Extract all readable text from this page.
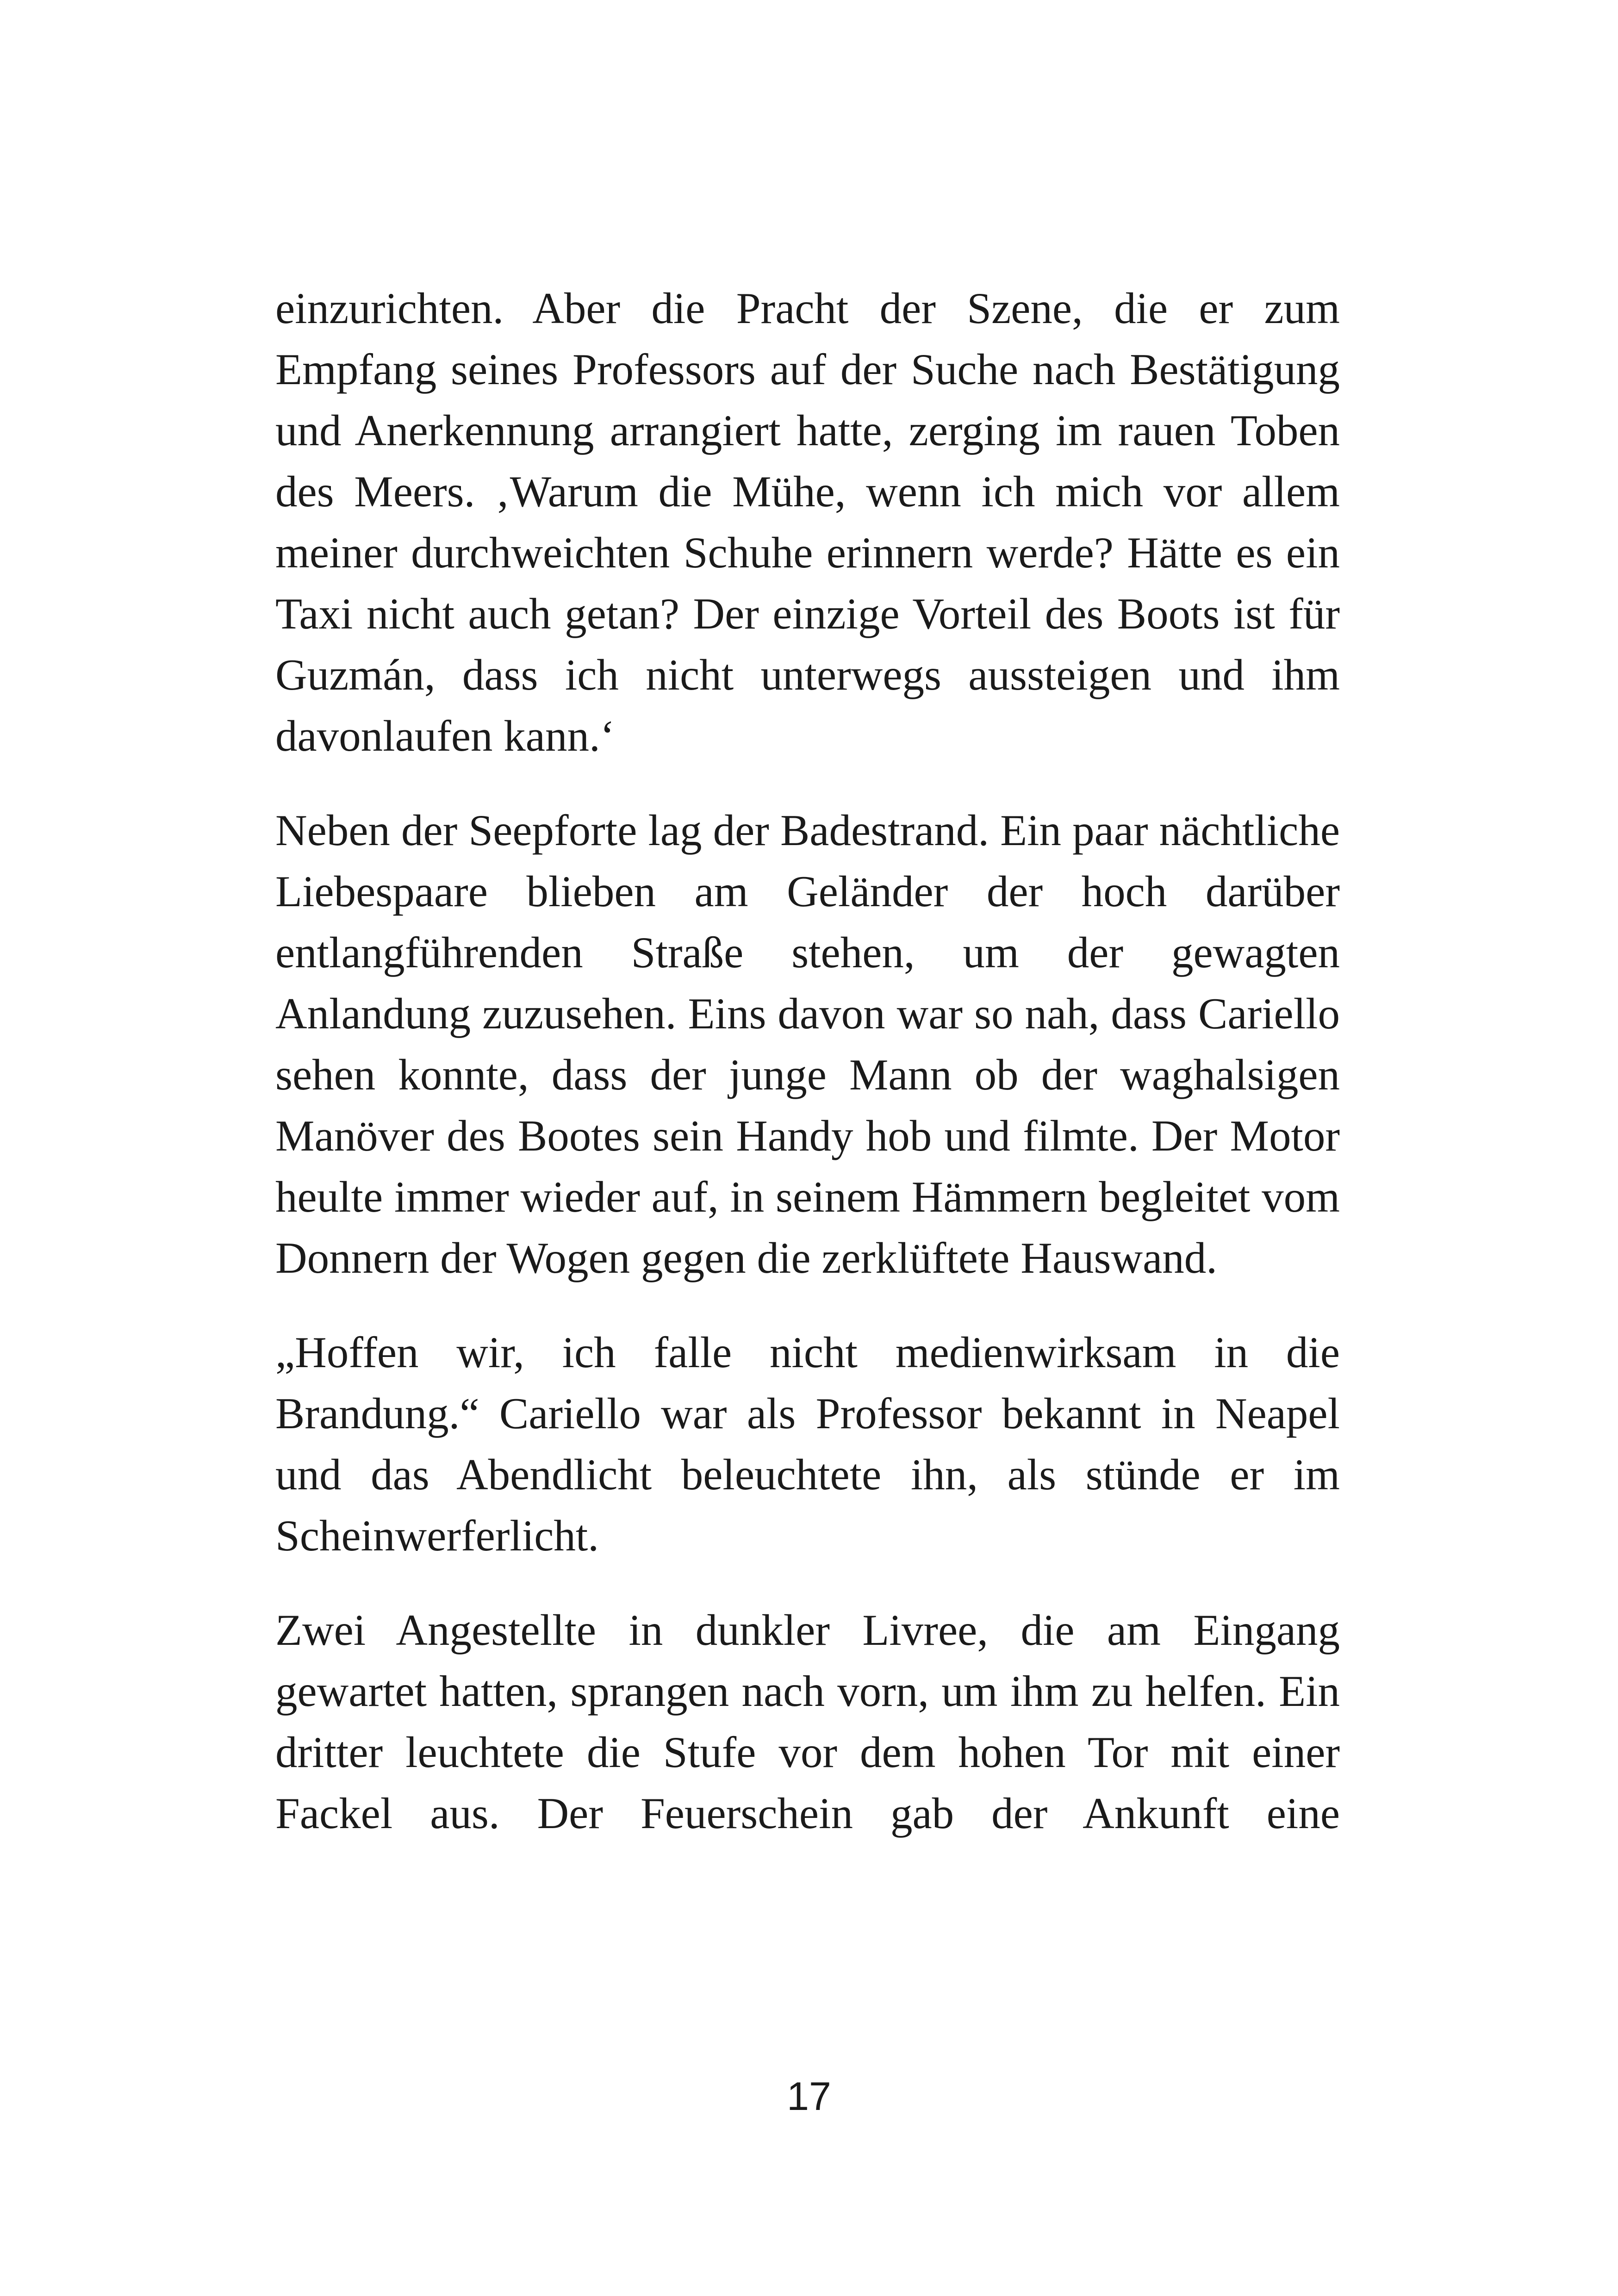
einzurichten. Aber die Pracht der Szene, die er zum Empfang seines Professors auf der Suche nach Bestätigung und Anerkennung arrangiert hatte, zerging im rauen Toben des Meers. ‚Warum die Mühe, wenn ich mich vor allem meiner durchweichten Schuhe erinnern werde? Hätte es ein Taxi nicht auch getan? Der einzige Vorteil des Boots ist für Guzmán, dass ich nicht unterwegs aussteigen und ihm davonlaufen kann.‘

Neben der Seepforte lag der Badestrand. Ein paar nächtliche Liebespaare blieben am Geländer der hoch darüber entlangführenden Straße stehen, um der gewagten Anlandung zuzusehen. Eins davon war so nah, dass Cariello sehen konnte, dass der junge Mann ob der waghalsigen Manöver des Bootes sein Handy hob und filmte. Der Motor heulte immer wieder auf, in seinem Hämmern begleitet vom Donnern der Wogen gegen die zerklüftete Hauswand.

„Hoffen wir, ich falle nicht medienwirksam in die Brandung.“ Cariello war als Professor bekannt in Neapel und das Abendlicht beleuchtete ihn, als stünde er im Scheinwerferlicht.

Zwei Angestellte in dunkler Livree, die am Eingang gewartet hatten, sprangen nach vorn, um ihm zu helfen. Ein dritter leuchtete die Stufe vor dem hohen Tor mit einer Fackel aus. Der Feuerschein gab der Ankunft eine

17
